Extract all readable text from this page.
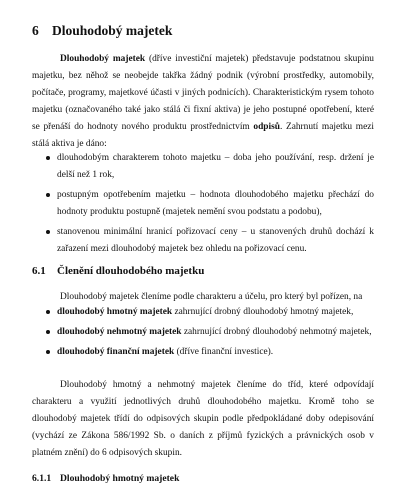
6 Dlouhodobý majetek
Dlouhodobý majetek (dříve investiční majetek) představuje podstatnou skupinu majetku, bez něhož se neobejde takřka žádný podnik (výrobní prostředky, automobily, počítače, programy, majetkové účasti v jiných podnicích). Charakteristickým rysem tohoto majetku (označovaného také jako stálá či fixní aktiva) je jeho postupné opotřebení, které se přenáší do hodnoty nového produktu prostřednictvím odpisů. Zahrnutí majetku mezi stálá aktiva je dáno:
dlouhodobým charakterem tohoto majetku – doba jeho používání, resp. držení je delší než 1 rok,
postupným opotřebením majetku – hodnota dlouhodobého majetku přechází do hodnoty produktu postupně (majetek nemění svou podstatu a podobu),
stanovenou minimální hranicí pořizovací ceny – u stanovených druhů dochází k zařazení mezi dlouhodobý majetek bez ohledu na pořizovací cenu.
6.1 Členění dlouhodobého majetku
Dlouhodobý majetek členíme podle charakteru a účelu, pro který byl pořízen, na
dlouhodobý hmotný majetek zahrnující drobný dlouhodobý hmotný majetek,
dlouhodobý nehmotný majetek zahrnující drobný dlouhodobý nehmotný majetek,
dlouhodobý finanční majetek (dříve finanční investice).
Dlouhodobý hmotný a nehmotný majetek členíme do tříd, které odpovídají charakteru a využití jednotlivých druhů dlouhodobého majetku. Kromě toho se dlouhodobý majetek třídí do odpisových skupin podle předpokládané doby odepisování (vychází ze Zákona 586/1992 Sb. o daních z příjmů fyzických a právnických osob v platném znění) do 6 odpisových skupin.
6.1.1 Dlouhodobý hmotný majetek
